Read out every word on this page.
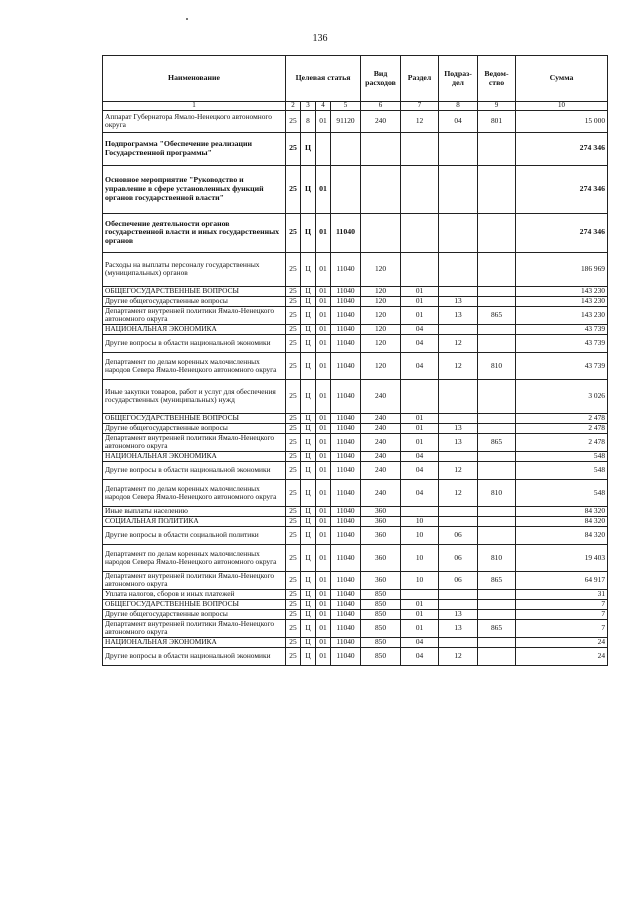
136
Наименование	Целевая статья				Вид расходов	Раздел	Подраз-дел	Ведом-ство	Сумма
1	2	3	4	5	6	7	8	9	10
Аппарат Губернатора Ямало-Ненецкого автономного округа	25	8	01	91120	240	12	04	801	15 000
Подпрограмма "Обеспечение реализации Государственной программы"	25	Ц							274 346
Основное мероприятие "Руководство и управление в сфере установленных функций органов государственной власти"	25	Ц	01						274 346
Обеспечение деятельности органов государственной власти и иных государственных органов	25	Ц	01	11040					274 346
Расходы на выплаты персоналу государственных (муниципальных) органов	25	Ц	01	11040	120				186 969
ОБЩЕГОСУДАРСТВЕННЫЕ ВОПРОСЫ	25	Ц	01	11040	120	01			143 230
Другие общегосударственные вопросы	25	Ц	01	11040	120	01	13		143 230
Департамент внутренней политики Ямало-Ненецкого автономного округа	25	Ц	01	11040	120	01	13	865	143 230
НАЦИОНАЛЬНАЯ ЭКОНОМИКА	25	Ц	01	11040	120	04			43 739
Другие вопросы в области национальной экономики	25	Ц	01	11040	120	04	12		43 739
Департамент по делам коренных малочисленных народов Севера Ямало-Ненецкого автономного округа	25	Ц	01	11040	120	04	12	810	43 739
Иные закупки товаров, работ и услуг для обеспечения государственных (муниципальных) нужд	25	Ц	01	11040	240				3 026
ОБЩЕГОСУДАРСТВЕННЫЕ ВОПРОСЫ	25	Ц	01	11040	240	01			2 478
Другие общегосударственные вопросы	25	Ц	01	11040	240	01	13		2 478
Департамент внутренней политики Ямало-Ненецкого автономного округа	25	Ц	01	11040	240	01	13	865	2 478
НАЦИОНАЛЬНАЯ ЭКОНОМИКА	25	Ц	01	11040	240	04			548
Другие вопросы в области национальной экономики	25	Ц	01	11040	240	04	12		548
Департамент по делам коренных малочисленных народов Севера Ямало-Ненецкого автономного округа	25	Ц	01	11040	240	04	12	810	548
Иные выплаты населению	25	Ц	01	11040	360				84 320
СОЦИАЛЬНАЯ ПОЛИТИКА	25	Ц	01	11040	360	10			84 320
Другие вопросы в области социальной политики	25	Ц	01	11040	360	10	06		84 320
Департамент по делам коренных малочисленных народов Севера Ямало-Ненецкого автономного округа	25	Ц	01	11040	360	10	06	810	19 403
Департамент внутренней политики Ямало-Ненецкого автономного округа	25	Ц	01	11040	360	10	06	865	64 917
Уплата налогов, сборов и иных платежей	25	Ц	01	11040	850				31
ОБЩЕГОСУДАРСТВЕННЫЕ ВОПРОСЫ	25	Ц	01	11040	850	01			7
Другие общегосударственные вопросы	25	Ц	01	11040	850	01	13		7
Департамент внутренней политики Ямало-Ненецкого автономного округа	25	Ц	01	11040	850	01	13	865	7
НАЦИОНАЛЬНАЯ ЭКОНОМИКА	25	Ц	01	11040	850	04			24
Другие вопросы в области национальной экономики	25	Ц	01	11040	850	04	12		24
